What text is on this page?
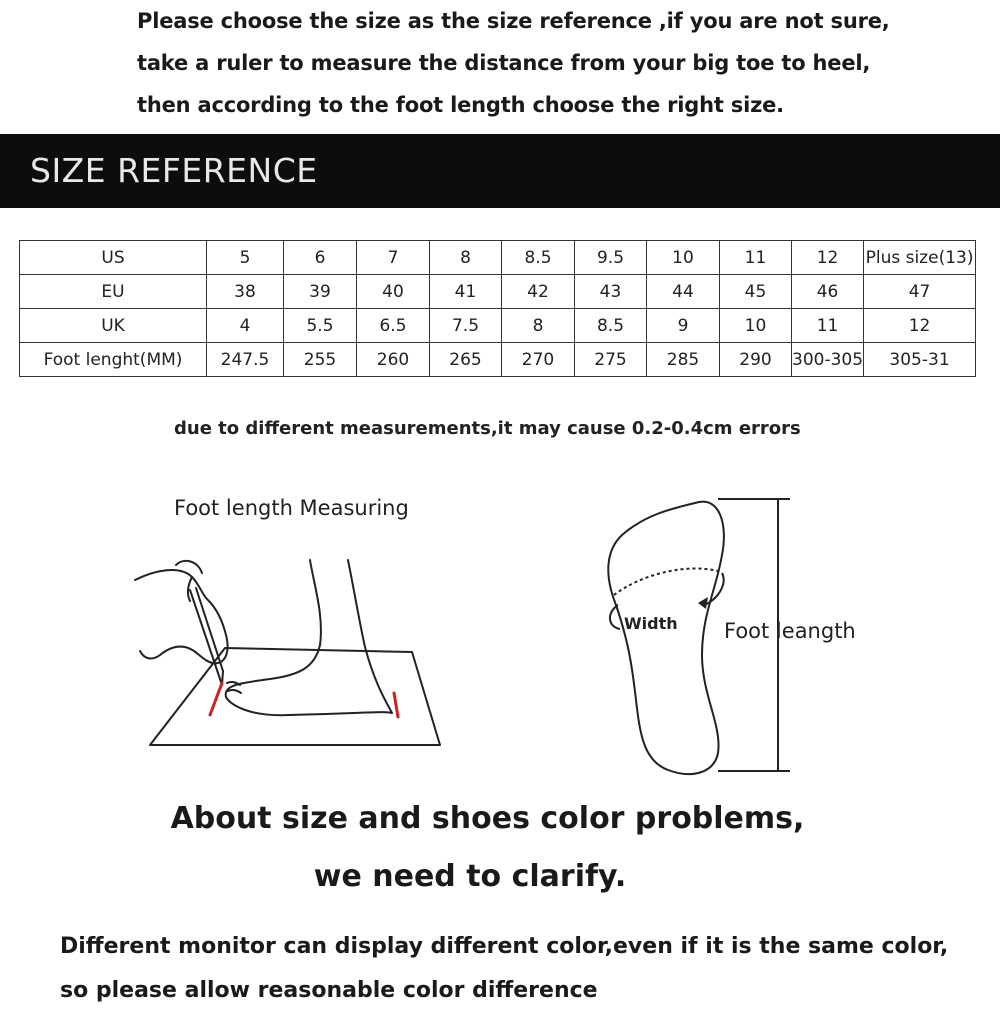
Please choose the size as the size reference ,if you are not sure,
take a ruler to measure the distance from your big toe to heel,
then according to the foot length choose the right size.
SIZE REFERENCE
US	5	6	7	8	8.5	9.5	10	11	12	Plus size(13)
EU	38	39	40	41	42	43	44	45	46	47
UK	4	5.5	6.5	7.5	8	8.5	9	10	11	12
Foot lenght(MM)	247.5	255	260	265	270	275	285	290	300-305	305-31
due to different measurements,it may cause 0.2-0.4cm errors
Foot length Measuring
Width Foot leangth
About size and shoes color problems,
we need to clarify.
Different monitor can display different color,even if it is the same color,
so please allow reasonable color difference
